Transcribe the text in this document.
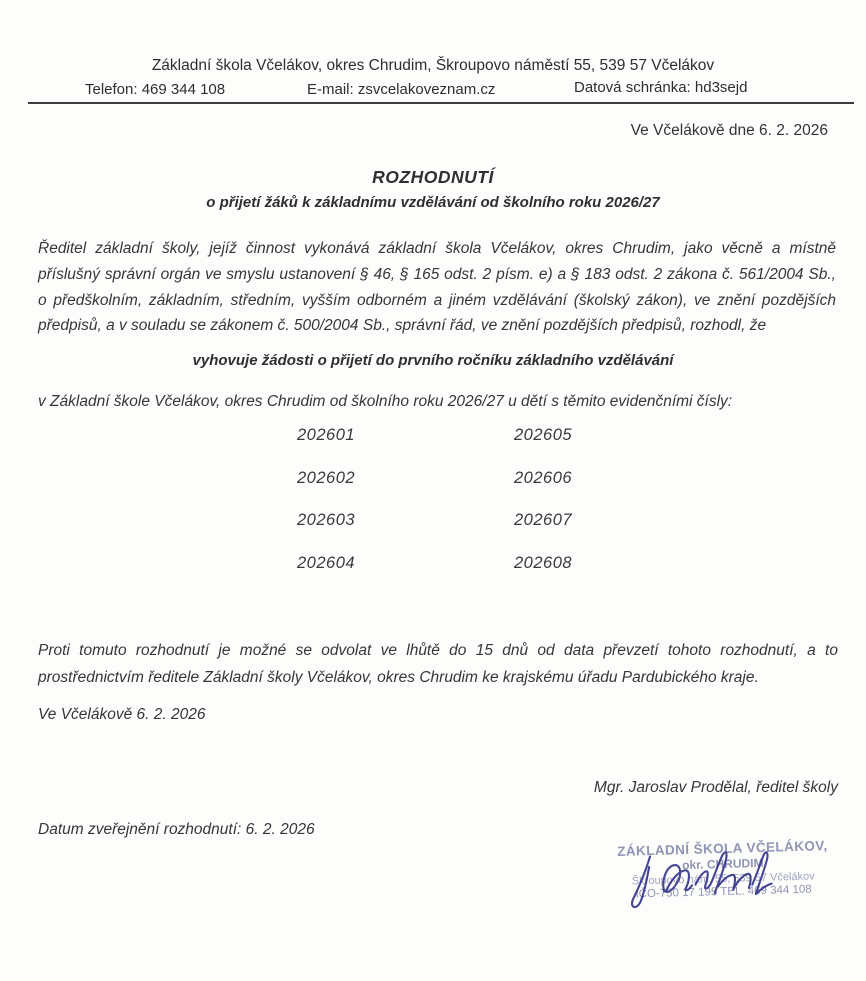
Základní škola Včelákov, okres Chrudim, Škroupovo náměstí 55, 539 57 Včelákov
Telefon: 469 344 108	E-mail: zsvcelakoveznam.cz	Datová schránka: hd3sejd
Ve Včelákově dne 6. 2. 2026
ROZHODNUTÍ
o přijetí žáků k základnímu vzdělávání od školního roku 2026/27
Ředitel základní školy, jejíž činnost vykonává základní škola Včelákov, okres Chrudim, jako věcně a místně příslušný správní orgán ve smyslu ustanovení § 46, § 165 odst. 2 písm. e) a § 183 odst. 2 zákona č. 561/2004 Sb., o předškolním, základním, středním, vyšším odborném a jiném vzdělávání (školský zákon), ve znění pozdějších předpisů, a v souladu se zákonem č. 500/2004 Sb., správní řád, ve znění pozdějších předpisů, rozhodl, že
vyhovuje žádosti o přijetí do prvního ročníku základního vzdělávání
v Základní škole Včelákov, okres Chrudim od školního roku 2026/27 u dětí s těmito evidenčními čísly:
202601
202602
202603
202604
202605
202606
202607
202608
Proti tomuto rozhodnutí je možné se odvolat ve lhůtě do 15 dnů od data převzetí tohoto rozhodnutí, a to prostřednictvím ředitele Základní školy Včelákov, okres Chrudim ke krajskému úřadu Pardubického kraje.
Ve Včelákově 6. 2. 2026
Mgr. Jaroslav Prodělal, ředitel školy
Datum zveřejnění rozhodnutí: 6. 2. 2026
ZÁKLADNÍ ŠKOLA VČELÁKOV,
okr. CHRUDIM
Škroupovo nám. 55, 539 57 Včelákov
IČO-750 17 195 TEL. 469 344 108
